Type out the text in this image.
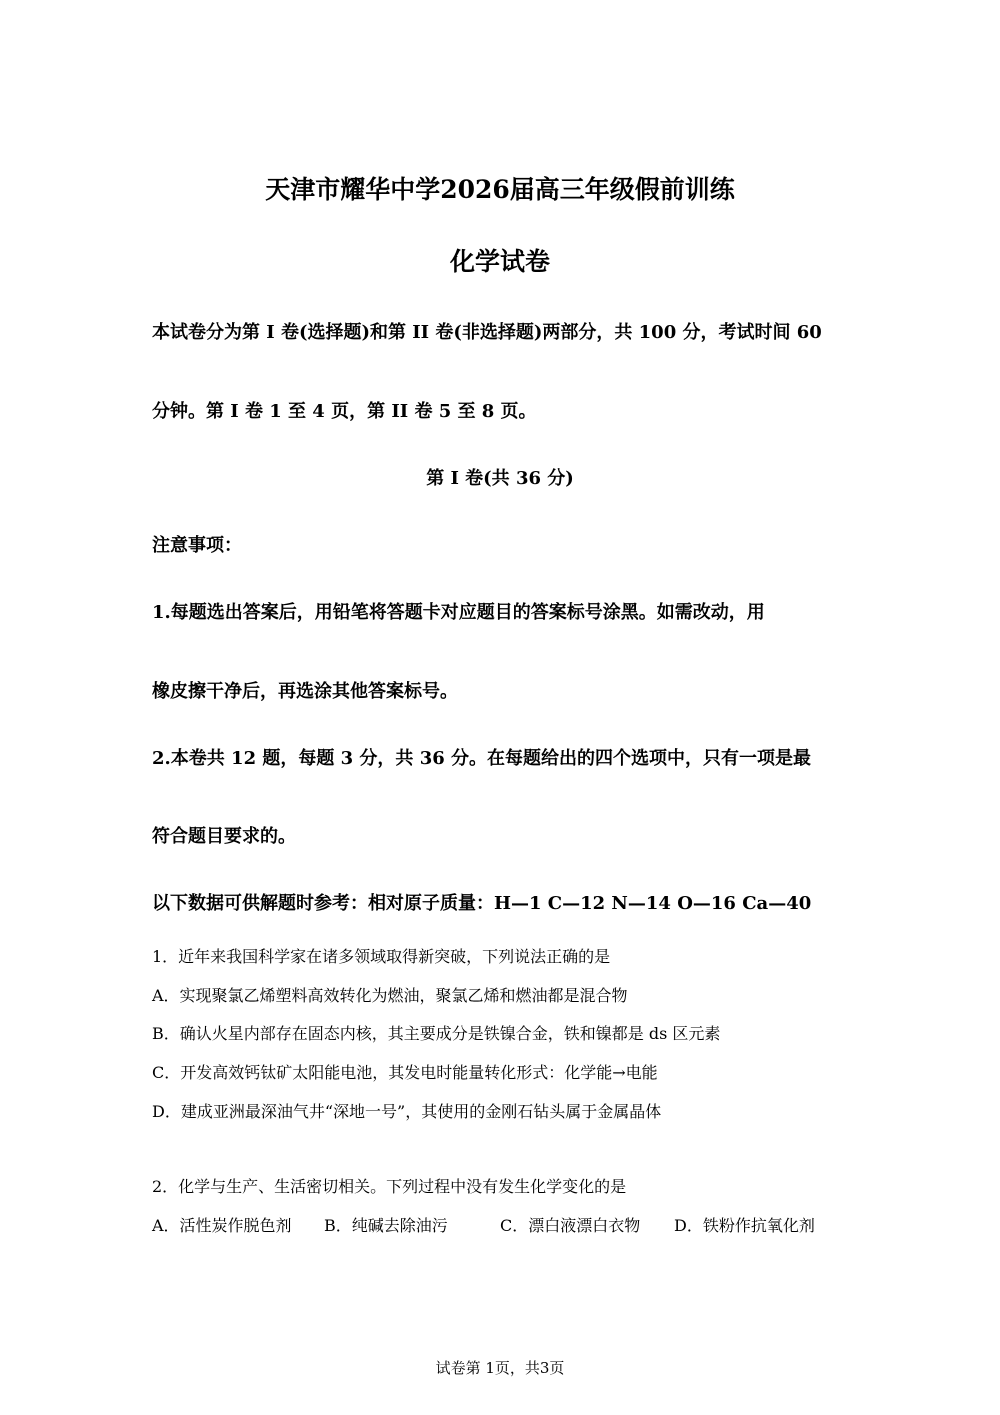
天津市耀华中学2026届高三年级假前训练
化学试卷
本试卷分为第 I 卷(选择题)和第 II 卷(非选择题)两部分，共 100 分，考试时间 60
分钟。第 I 卷 1 至 4 页，第 II 卷 5 至 8 页。
第 I 卷(共 36 分)
注意事项：
1.每题选出答案后，用铅笔将答题卡对应题目的答案标号涂黑。如需改动，用
橡皮擦干净后，再选涂其他答案标号。
2.本卷共 12 题，每题 3 分，共 36 分。在每题给出的四个选项中，只有一项是最
符合题目要求的。
以下数据可供解题时参考：相对原子质量：H—1 C—12 N—14 O—16 Ca—40
1．近年来我国科学家在诸多领域取得新突破，下列说法正确的是
A．实现聚氯乙烯塑料高效转化为燃油，聚氯乙烯和燃油都是混合物
B．确认火星内部存在固态内核，其主要成分是铁镍合金，铁和镍都是 ds 区元素
C．开发高效钙钛矿太阳能电池，其发电时能量转化形式：化学能→电能
D．建成亚洲最深油气井“深地一号”，其使用的金刚石钻头属于金属晶体
2．化学与生产、生活密切相关。下列过程中没有发生化学变化的是
A．活性炭作脱色剂 B．纯碱去除油污	C．漂白液漂白衣物 D．铁粉作抗氧化剂
试卷第 1页，共3页
